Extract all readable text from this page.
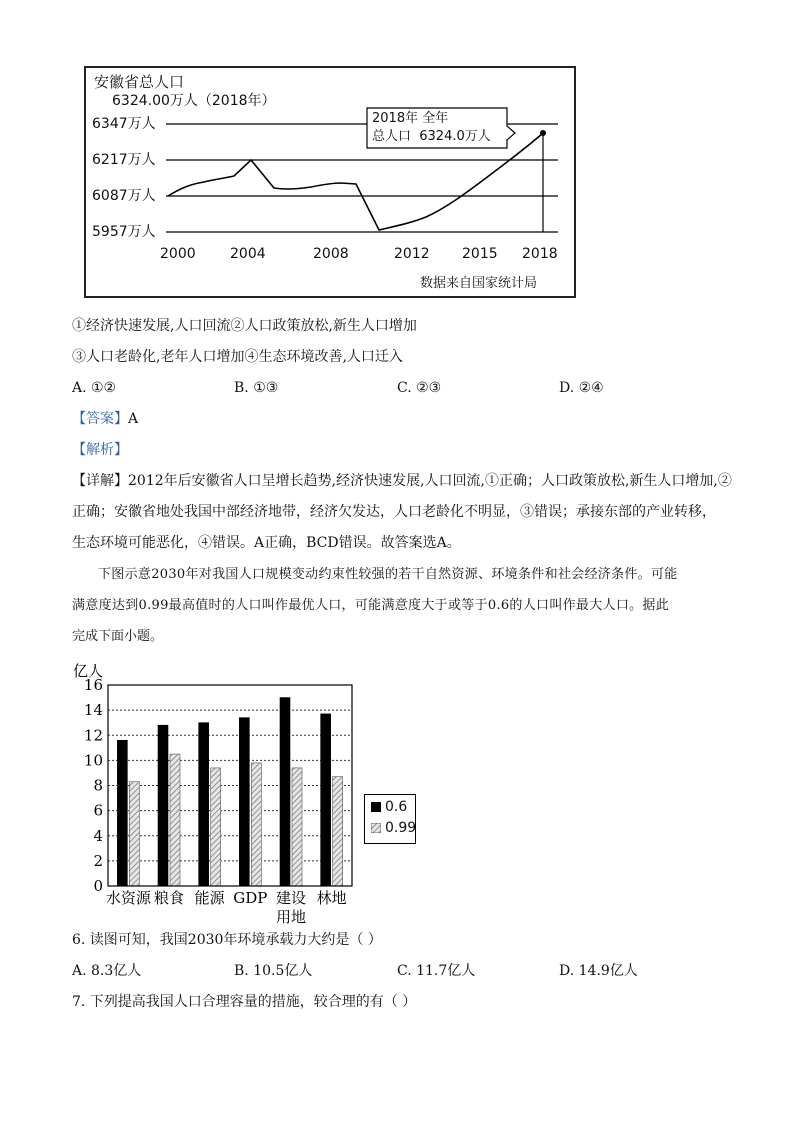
安徽省总人口
6324.00万人（2018年）
6347万人
6217万人
6087万人
5957万人
2000 2004	2008	2012 2015 2018
2018年 全年
总人口  6324.0万人
数据来自国家统计局
①经济快速发展,人口回流②人口政策放松,新生人口增加
③人口老龄化,老年人口增加④生态环境改善,人口迁入
A. ①②	B. ①③	C. ②③	D. ②④
【答案】A
【解析】
【详解】2012年后安徽省人口呈增长趋势,经济快速发展,人口回流,①正确；人口政策放松,新生人口增加,②
正确；安徽省地处我国中部经济地带，经济欠发达，人口老龄化不明显，③错误；承接东部的产业转移，
生态环境可能恶化，④错误。A正确，BCD错误。故答案选A。
下图示意2030年对我国人口规模变动约束性较强的若干自然资源、环境条件和社会经济条件。可能
满意度达到0.99最高值时的人口叫作最优人口，可能满意度大于或等于0.6的人口叫作最大人口。据此
完成下面小题。
0
2
4
6
8
10
12
14
16
水资源 粮食 能源 GDP 建设
用地
林地
亿人
0.6
0.99
6. 读图可知，我国2030年环境承载力大约是（ ）
A. 8.3亿人	B. 10.5亿人	C. 11.7亿人	D. 14.9亿人
7. 下列提高我国人口合理容量的措施，较合理的有（ ）
